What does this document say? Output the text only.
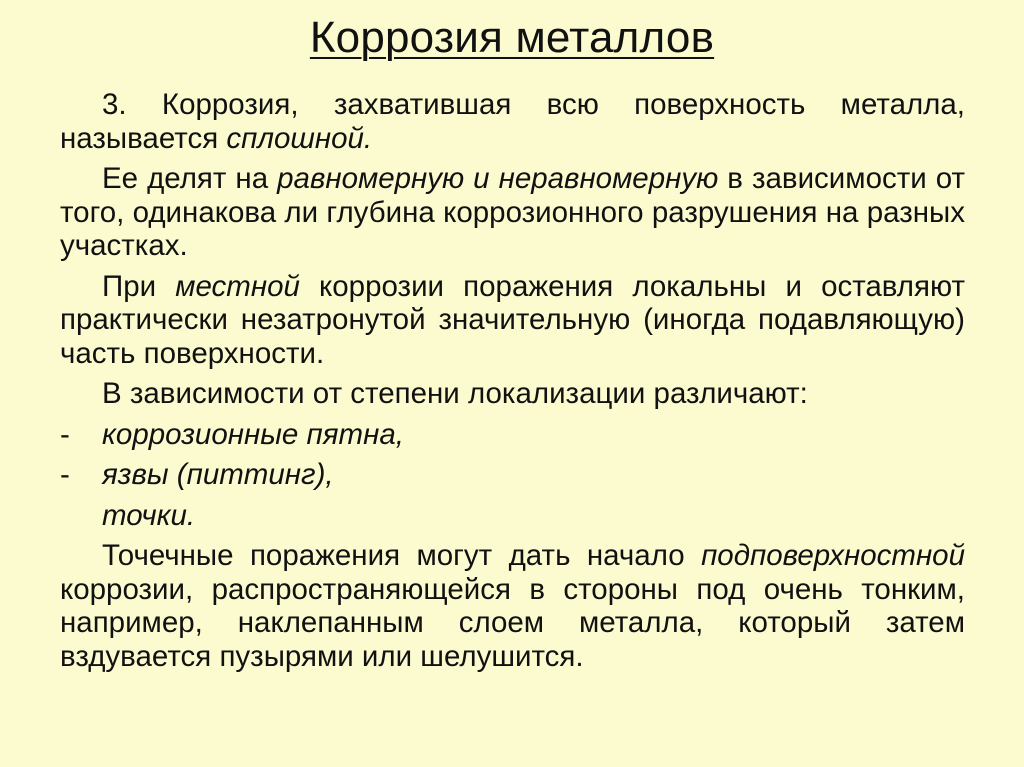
Коррозия металлов
3. Коррозия, захватившая всю поверхность металла, называется сплошной.
Ее делят на равномерную и неравномерную в зависимости от того, одинакова ли глубина коррозионного разрушения на разных участках.
При местной коррозии поражения локальны и оставляют практически незатронутой значительную (иногда подавляющую) часть поверхности.
В зависимости от степени локализации различают:
- коррозионные пятна,
- язвы (питтинг),
точки.
Точечные поражения могут дать начало подповерхностной коррозии, распространяющейся в стороны под очень тонким, например, наклепанным слоем металла, который затем вздувается пузырями или шелушится.
